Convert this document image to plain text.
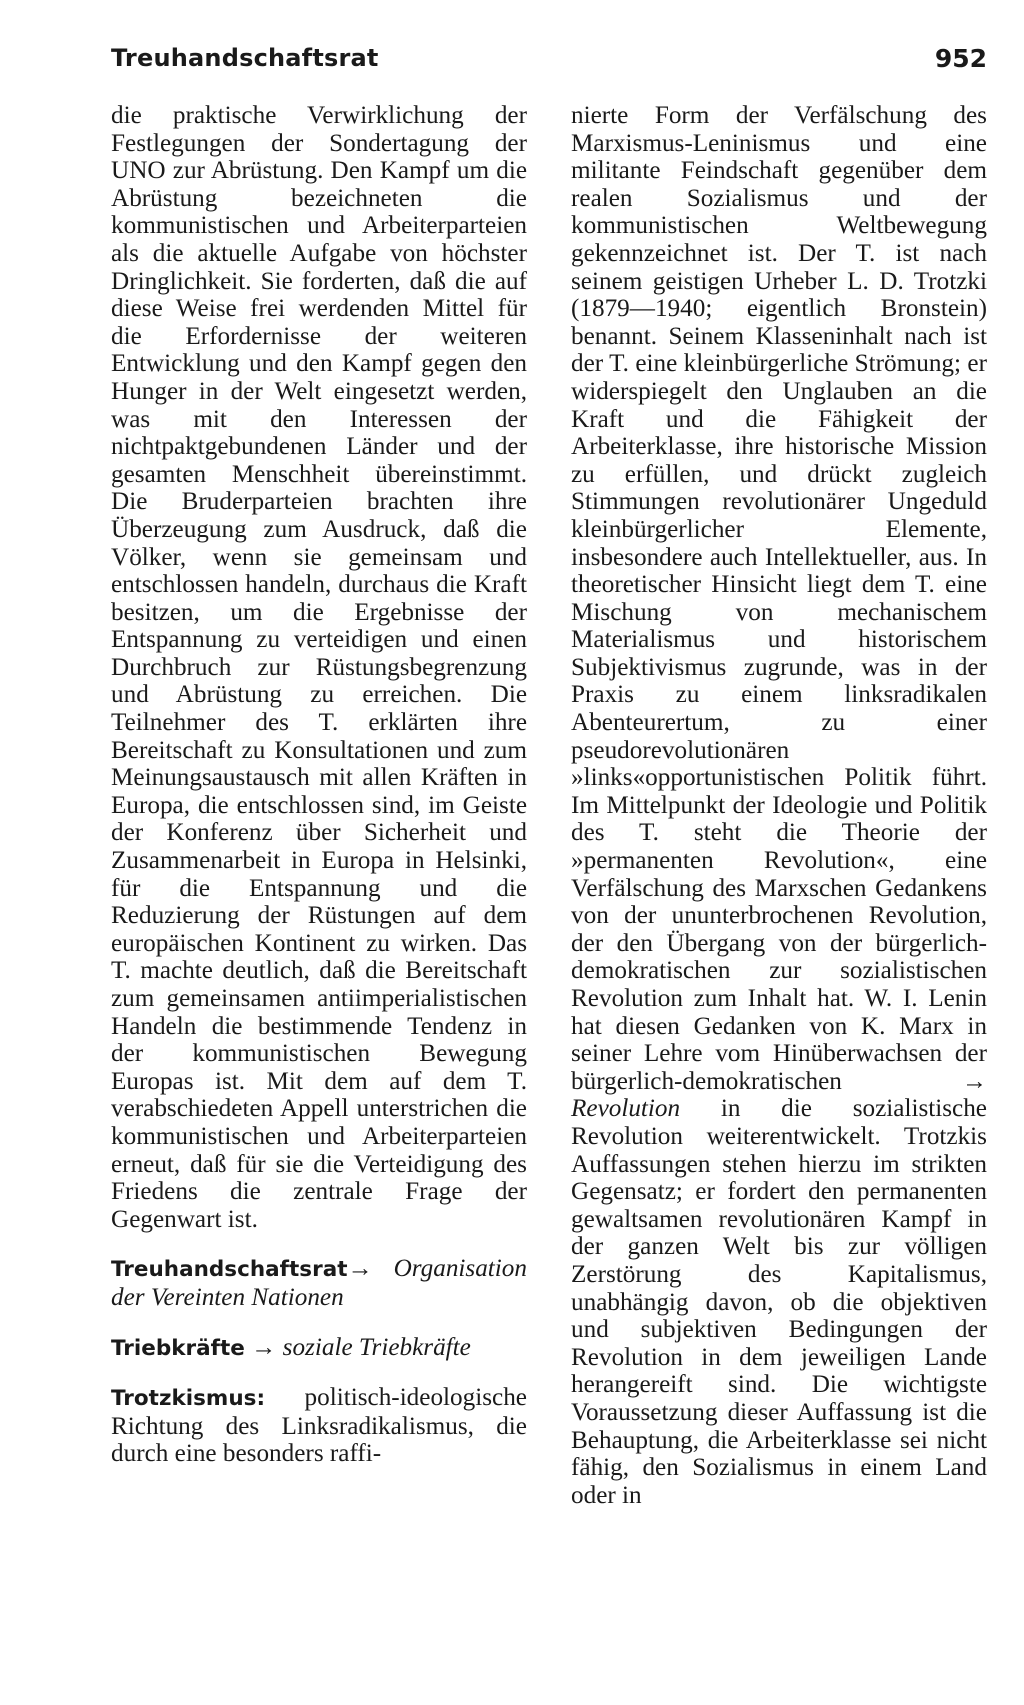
Treuhandschaftsrat	952

die praktische Verwirklichung der Festlegungen der Sondertagung der UNO zur Abrüstung. Den Kampf um die Abrüstung bezeichneten die kommunistischen und Arbeiterparteien als die aktuelle Aufgabe von höchster Dringlichkeit. Sie forderten, daß die auf diese Weise frei werdenden Mittel für die Erfordernisse der weiteren Entwicklung und den Kampf gegen den Hunger in der Welt eingesetzt werden, was mit den Interessen der nichtpaktgebundenen Länder und der gesamten Menschheit übereinstimmt. Die Bruderparteien brachten ihre Überzeugung zum Ausdruck, daß die Völker, wenn sie gemeinsam und entschlossen handeln, durchaus die Kraft besitzen, um die Ergebnisse der Entspannung zu verteidigen und einen Durchbruch zur Rüstungsbegrenzung und Abrüstung zu erreichen. Die Teilnehmer des T. erklärten ihre Bereitschaft zu Konsultationen und zum Meinungsaustausch mit allen Kräften in Europa, die entschlossen sind, im Geiste der Konferenz über Sicherheit und Zusammenarbeit in Europa in Helsinki, für die Entspannung und die Reduzierung der Rüstungen auf dem europäischen Kontinent zu wirken. Das T. machte deutlich, daß die Bereitschaft zum gemeinsamen antiimperialistischen Handeln die bestimmende Tendenz in der kommunistischen Bewegung Europas ist. Mit dem auf dem T. verabschiedeten Appell unterstrichen die kommunistischen und Arbeiterparteien erneut, daß für sie die Verteidigung des Friedens die zentrale Frage der Gegenwart ist.

Treuhandschaftsrat→ Organisation der Vereinten Nationen

Triebkräfte → soziale Triebkräfte

Trotzkismus: politisch-ideologische Richtung des Linksradikalismus, die durch eine besonders raffi-

nierte Form der Verfälschung des Marxismus-Leninismus und eine militante Feindschaft gegenüber dem realen Sozialismus und der kommunistischen Weltbewegung gekennzeichnet ist. Der T. ist nach seinem geistigen Urheber L. D. Trotzki (1879—1940; eigentlich Bronstein) benannt. Seinem Klasseninhalt nach ist der T. eine kleinbürgerliche Strömung; er widerspiegelt den Unglauben an die Kraft und die Fähigkeit der Arbeiterklasse, ihre historische Mission zu erfüllen, und drückt zugleich Stimmungen revolutionärer Ungeduld kleinbürgerlicher Elemente, insbesondere auch Intellektueller, aus. In theoretischer Hinsicht liegt dem T. eine Mischung von mechanischem Materialismus und historischem Subjektivismus zugrunde, was in der Praxis zu einem linksradikalen Abenteurertum, zu einer pseudorevolutionären »links«opportunistischen Politik führt. Im Mittelpunkt der Ideologie und Politik des T. steht die Theorie der »permanenten Revolution«, eine Verfälschung des Marxschen Gedankens von der ununterbrochenen Revolution, der den Übergang von der bürgerlich-demokratischen zur sozialistischen Revolution zum Inhalt hat. W. I. Lenin hat diesen Gedanken von K. Marx in seiner Lehre vom Hinüberwachsen der bürgerlich-demokratischen	→ Revolution in die sozialistische Revolution weiterentwickelt. Trotzkis Auffassungen stehen hierzu im strikten Gegensatz; er fordert den permanenten gewaltsamen revolutionären Kampf in der ganzen Welt bis zur völligen Zerstörung des Kapitalismus, unabhängig davon, ob die objektiven und subjektiven Bedingungen der Revolution in dem jeweiligen Lande herangereift sind. Die wichtigste Voraussetzung dieser Auffassung ist die Behauptung, die Arbeiterklasse sei nicht fähig, den Sozialismus in einem Land oder in
